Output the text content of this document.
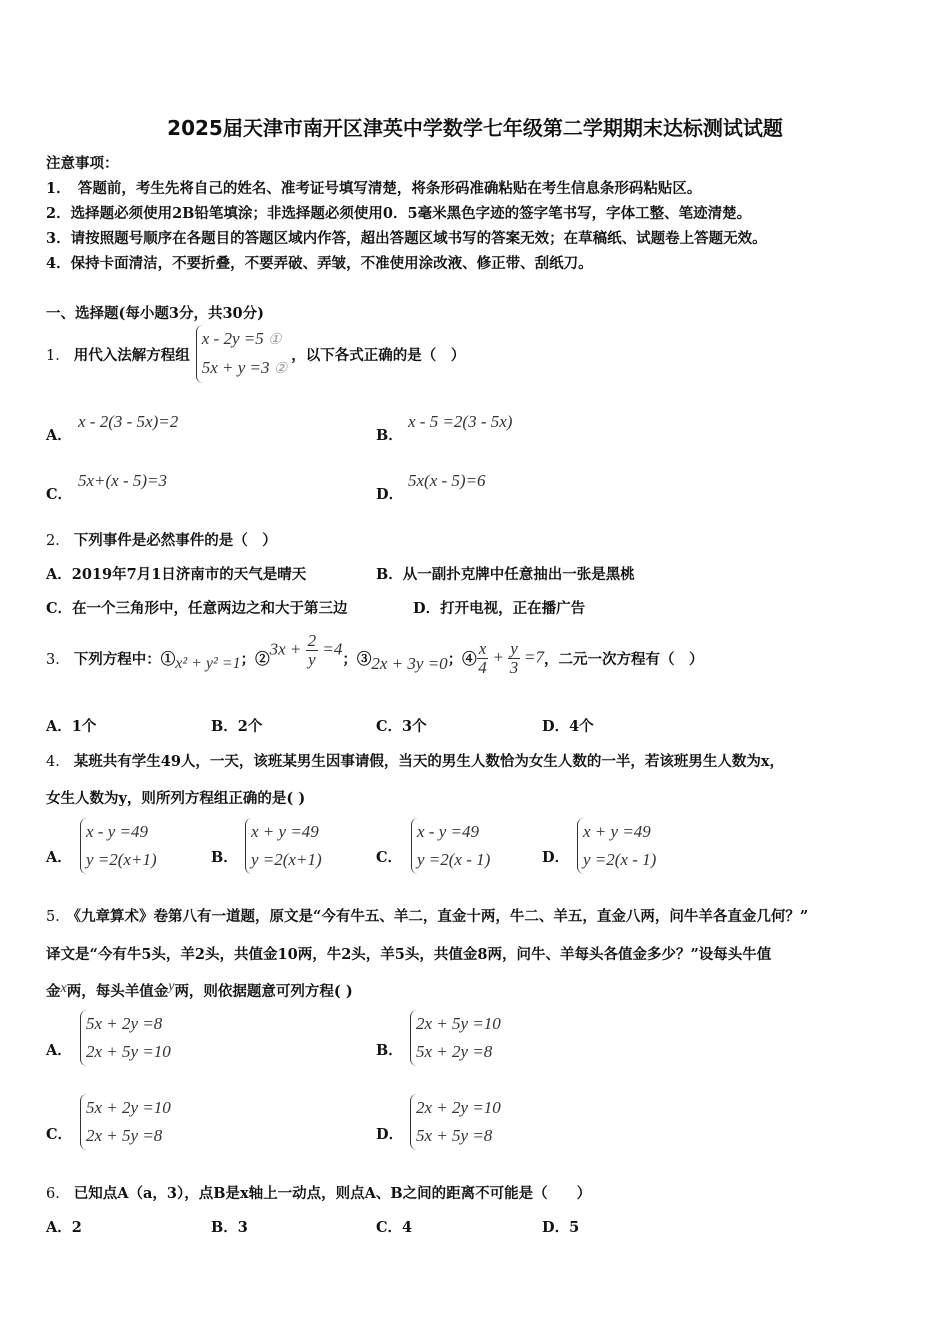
2025届天津市南开区津英中学数学七年级第二学期期末达标测试试题
注意事项：
1．　答题前，考生先将自己的姓名、准考证号填写清楚，将条形码准确粘贴在考生信息条形码粘贴区。
2．选择题必须使用2B铅笔填涂；非选择题必须使用0．5毫米黑色字迹的签字笔书写，字体工整、笔迹清楚。
3．请按照题号顺序在各题目的答题区域内作答，超出答题区域书写的答案无效；在草稿纸、试题卷上答题无效。
4．保持卡面清洁，不要折叠，不要弄破、弄皱，不准使用涂改液、修正带、刮纸刀。
一、选择题(每小题3分，共30分)
1． 用代入法解方程组
x - 2y =5 ①
5x + y =3 ②
，以下各式正确的是（　）
A．
x - 2(3 - 5x)=2
B．
x - 5 =2(3 - 5x)
C．
5x+(x - 5)=3
D．
5x(x - 5)=6
2． 下列事件是必然事件的是（　）
A．2019年7月1日济南市的天气是晴天	B．从一副扑克牌中任意抽出一张是黑桃
C．在一个三角形中，任意两边之和大于第三边	D．打开电视，正在播广告
3． 下列方程中：① x² + y² =1 ；②
$3x + \frac{2}{y} =4$
；③ 2x + 3y =0 ；④ $\frac{x}{4} + \frac{y}{3} =7$ ，二元一次方程有（　）
A．1个	B．2个	C．3个	D．4个
4． 某班共有学生49人，一天，该班某男生因事请假，当天的男生人数恰为女生人数的一半，若该班男生人数为x，
女生人数为y，则所列方程组正确的是( )
A．
x - y =49
y =2(x+1)	B．
x + y =49
y =2(x+1)	C．
x - y =49
y =2(x - 1)	D．
x + y =49
y =2(x - 1)
5． 《九章算术》卷第八有一道题，原文是“今有牛五、羊二，直金十两，牛二、羊五，直金八两，问牛羊各直金几何？”
译文是“今有牛5头，羊2头，共值金10两，牛2头，羊5头，共值金8两，问牛、羊每头各值金多少？”设每头牛值
金x两，每头羊值金y两，则依据题意可列方程( )
A．
5x + 2y =8
2x + 5y =10	B．
2x + 5y =10
5x + 2y =8
C．
5x + 2y =10
2x + 5y =8	D．
2x + 2y =10
5x + 5y =8
6． 已知点A（a，3），点B是x轴上一动点，则点A、B之间的距离不可能是（　　）
A．2	B．3	C．4	D．5
